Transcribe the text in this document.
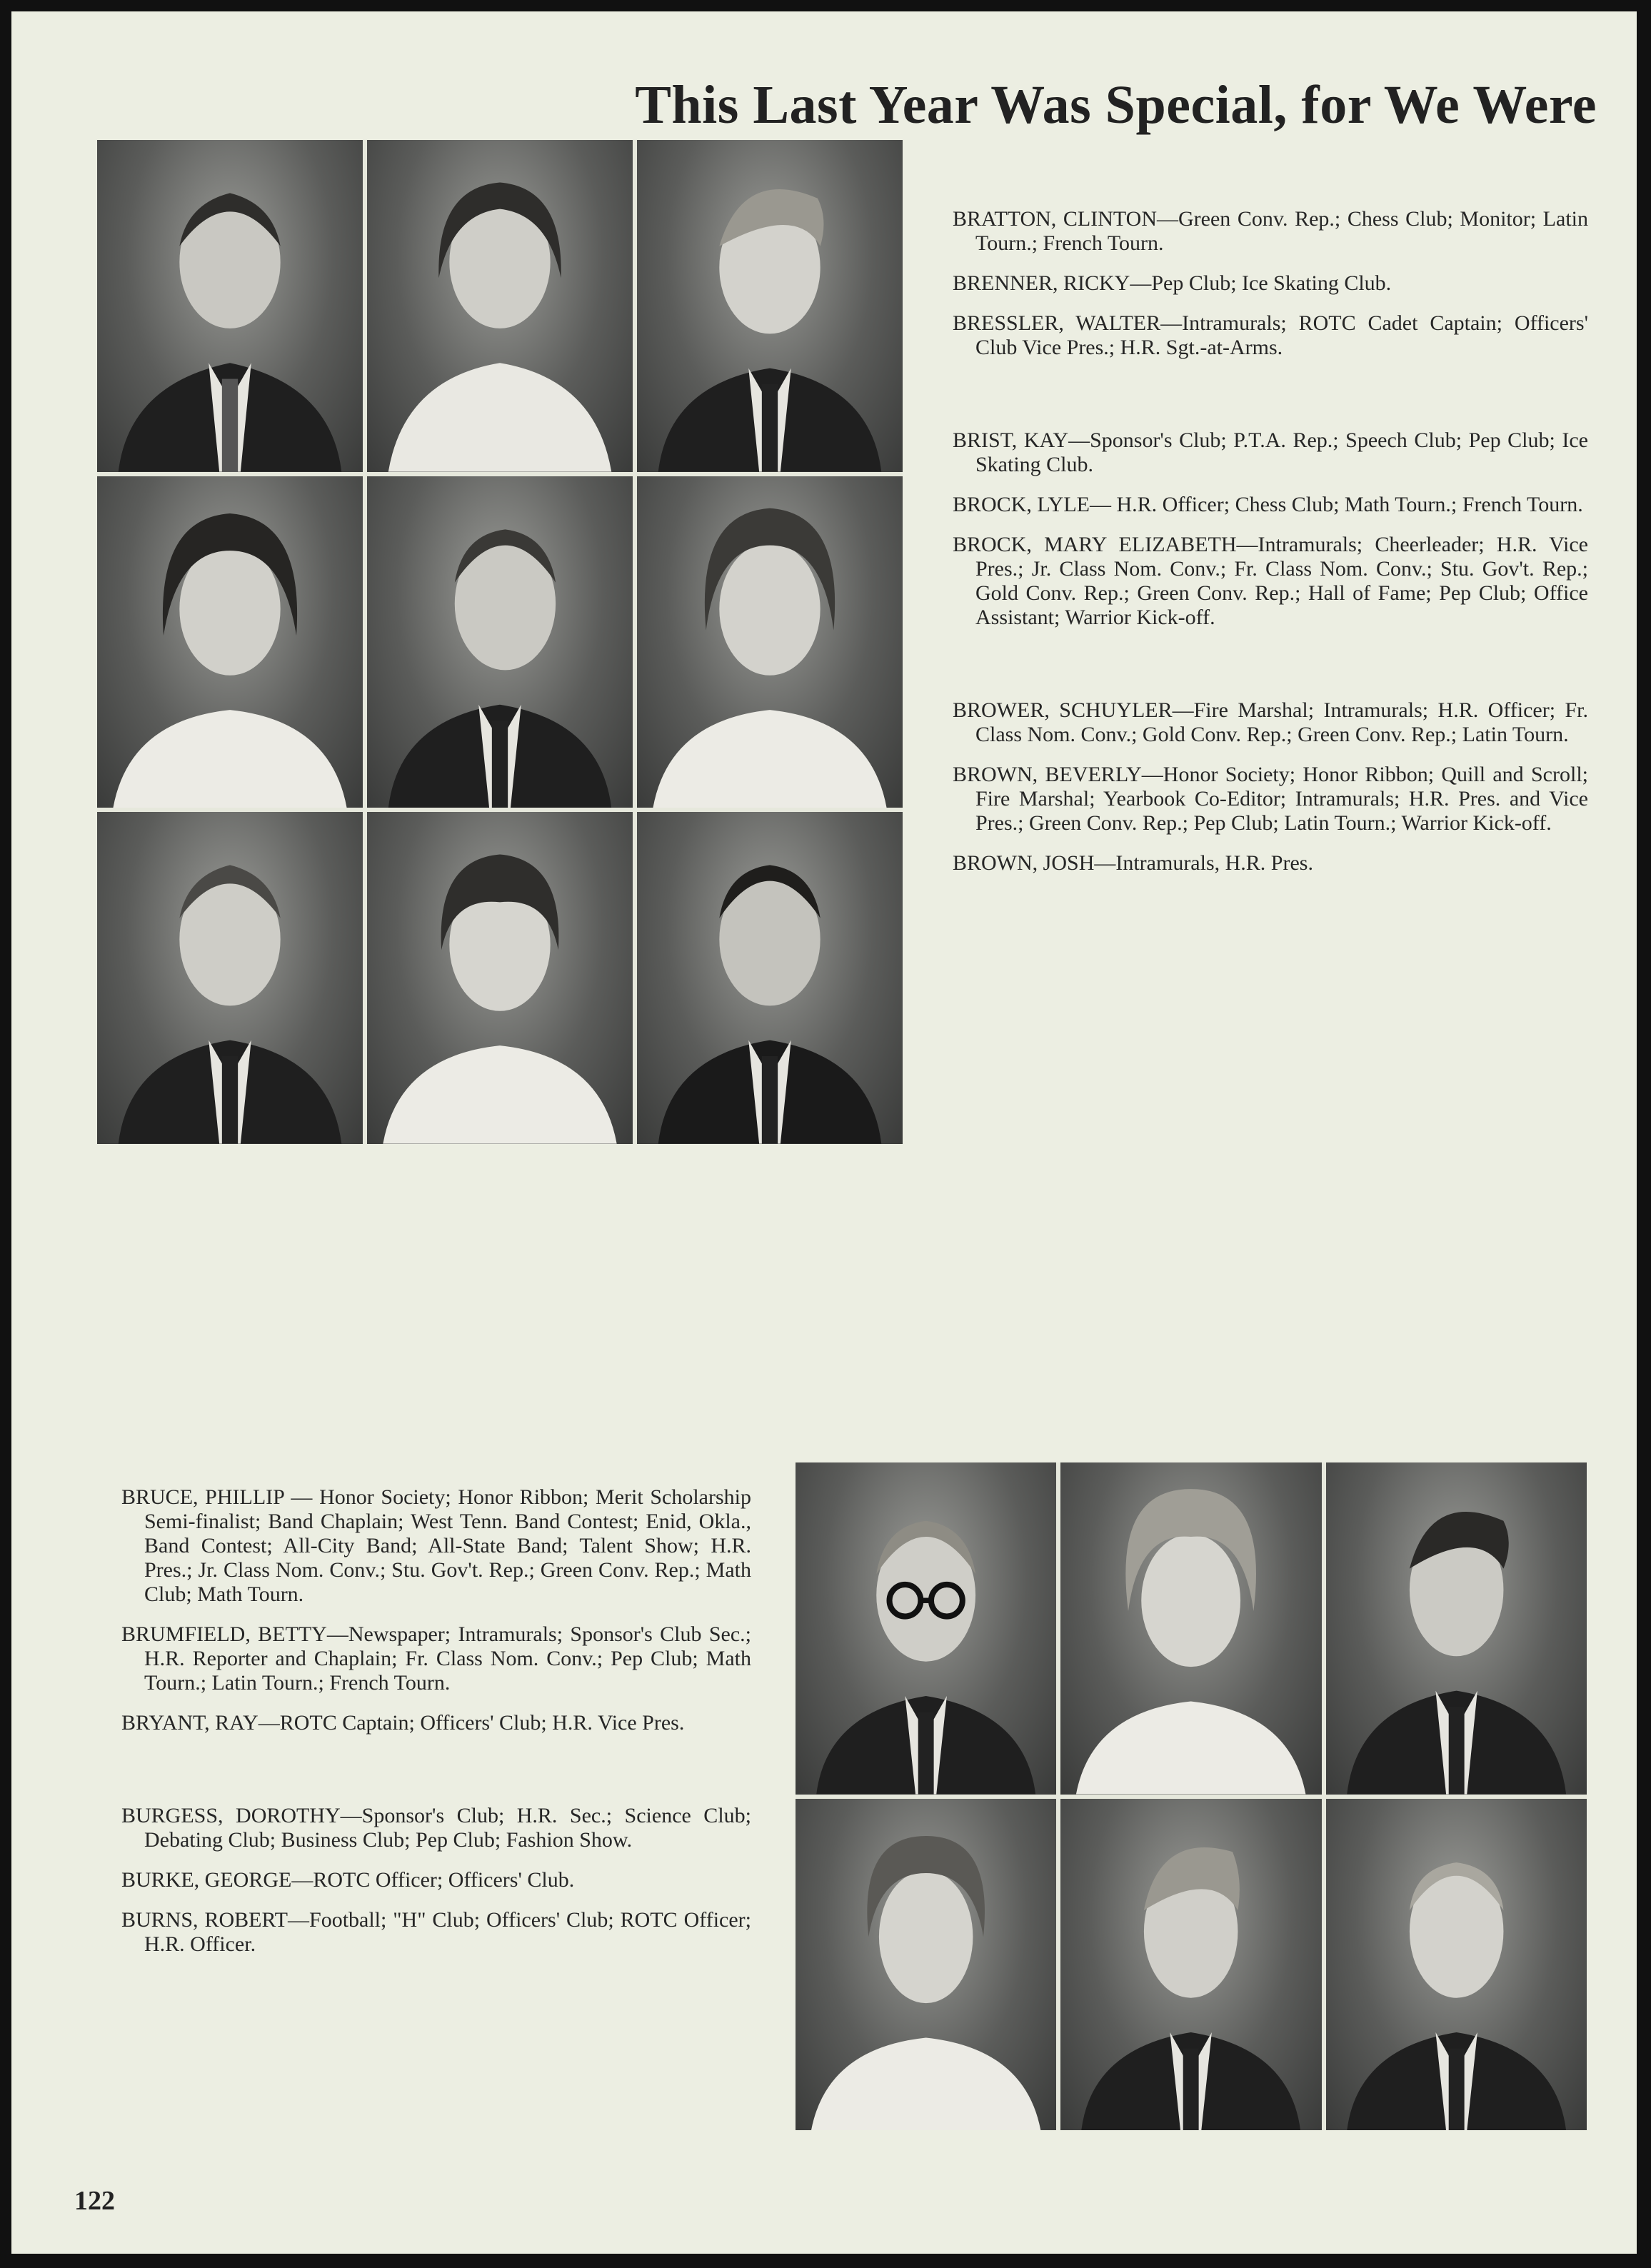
This Last Year Was Special, for We Were

BRATTON, CLINTON—Green Conv. Rep.; Chess Club; Monitor; Latin Tourn.; French Tourn.

BRENNER, RICKY—Pep Club; Ice Skating Club.

BRESSLER, WALTER—Intramurals; ROTC Cadet Captain; Officers' Club Vice Pres.; H.R. Sgt.-at-Arms.

BRIST, KAY—Sponsor's Club; P.T.A. Rep.; Speech Club; Pep Club; Ice Skating Club.

BROCK, LYLE— H.R. Officer; Chess Club; Math Tourn.; French Tourn.

BROCK, MARY ELIZABETH—Intramurals; Cheerleader; H.R. Vice Pres.; Jr. Class Nom. Conv.; Fr. Class Nom. Conv.; Stu. Gov't. Rep.; Gold Conv. Rep.; Green Conv. Rep.; Hall of Fame; Pep Club; Office Assistant; Warrior Kick-off.

BROWER, SCHUYLER—Fire Marshal; Intramurals; H.R. Officer; Fr. Class Nom. Conv.; Gold Conv. Rep.; Green Conv. Rep.; Latin Tourn.

BROWN, BEVERLY—Honor Society; Honor Ribbon; Quill and Scroll; Fire Marshal; Yearbook Co-Editor; Intramurals; H.R. Pres. and Vice Pres.; Green Conv. Rep.; Pep Club; Latin Tourn.; Warrior Kick-off.

BROWN, JOSH—Intramurals, H.R. Pres.

BRUCE, PHILLIP — Honor Society; Honor Ribbon; Merit Scholarship Semi-finalist; Band Chaplain; West Tenn. Band Contest; Enid, Okla., Band Contest; All-City Band; All-State Band; Talent Show; H.R. Pres.; Jr. Class Nom. Conv.; Stu. Gov't. Rep.; Green Conv. Rep.; Math Club; Math Tourn.

BRUMFIELD, BETTY—Newspaper; Intramurals; Sponsor's Club Sec.; H.R. Reporter and Chaplain; Fr. Class Nom. Conv.; Pep Club; Math Tourn.; Latin Tourn.; French Tourn.

BRYANT, RAY—ROTC Captain; Officers' Club; H.R. Vice Pres.

BURGESS, DOROTHY—Sponsor's Club; H.R. Sec.; Science Club; Debating Club; Business Club; Pep Club; Fashion Show.

BURKE, GEORGE—ROTC Officer; Officers' Club.

BURNS, ROBERT—Football; "H" Club; Officers' Club; ROTC Officer; H.R. Officer.

122
